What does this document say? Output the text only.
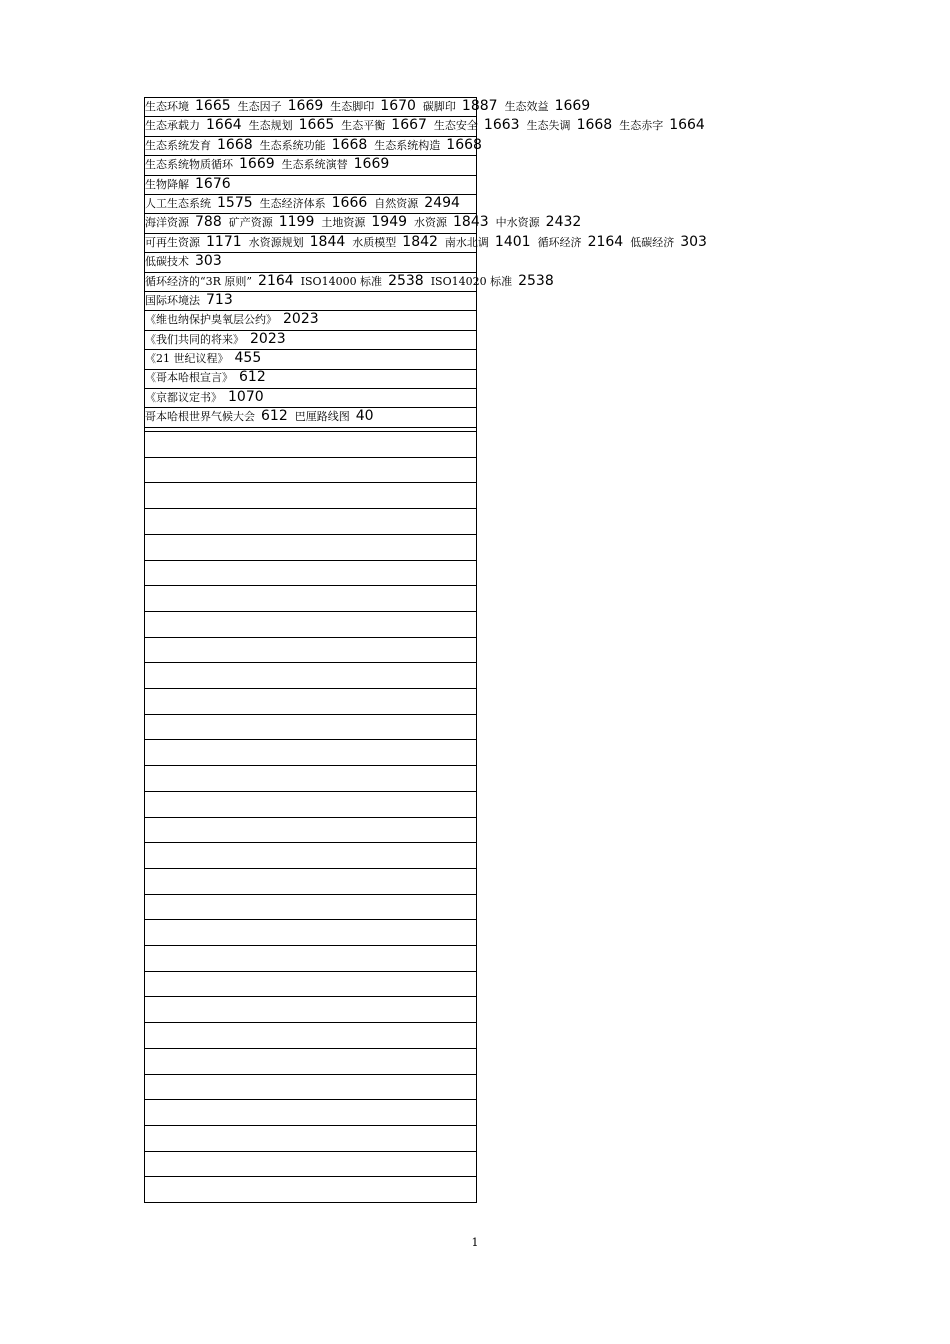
生态环境 1665 生态因子 1669 生态脚印 1670 碳脚印 1887 生态效益 1669
生态承载力 1664 生态规划 1665 生态平衡 1667 生态安全 1663 生态失调 1668 生态赤字 1664
生态系统发育 1668 生态系统功能 1668 生态系统构造 1668
生态系统物质循环 1669 生态系统演替 1669
生物降解 1676
人工生态系统 1575 生态经济体系 1666 自然资源 2494
海洋资源 788 矿产资源 1199 土地资源 1949 水资源 1843 中水资源 2432
可再生资源 1171 水资源规划 1844 水质模型 1842 南水北调 1401 循环经济 2164 低碳经济 303
低碳技术 303
循环经济的“3R 原则” 2164 ISO14000 标准 2538 ISO14020 标准 2538
国际环境法 713
《维也纳保护臭氧层公约》 2023
《我们共同的将来》 2023
《21 世纪议程》 455
《哥本哈根宣言》 612
《京都议定书》 1070
哥本哈根世界气候大会 612 巴厘路线图 40
1
